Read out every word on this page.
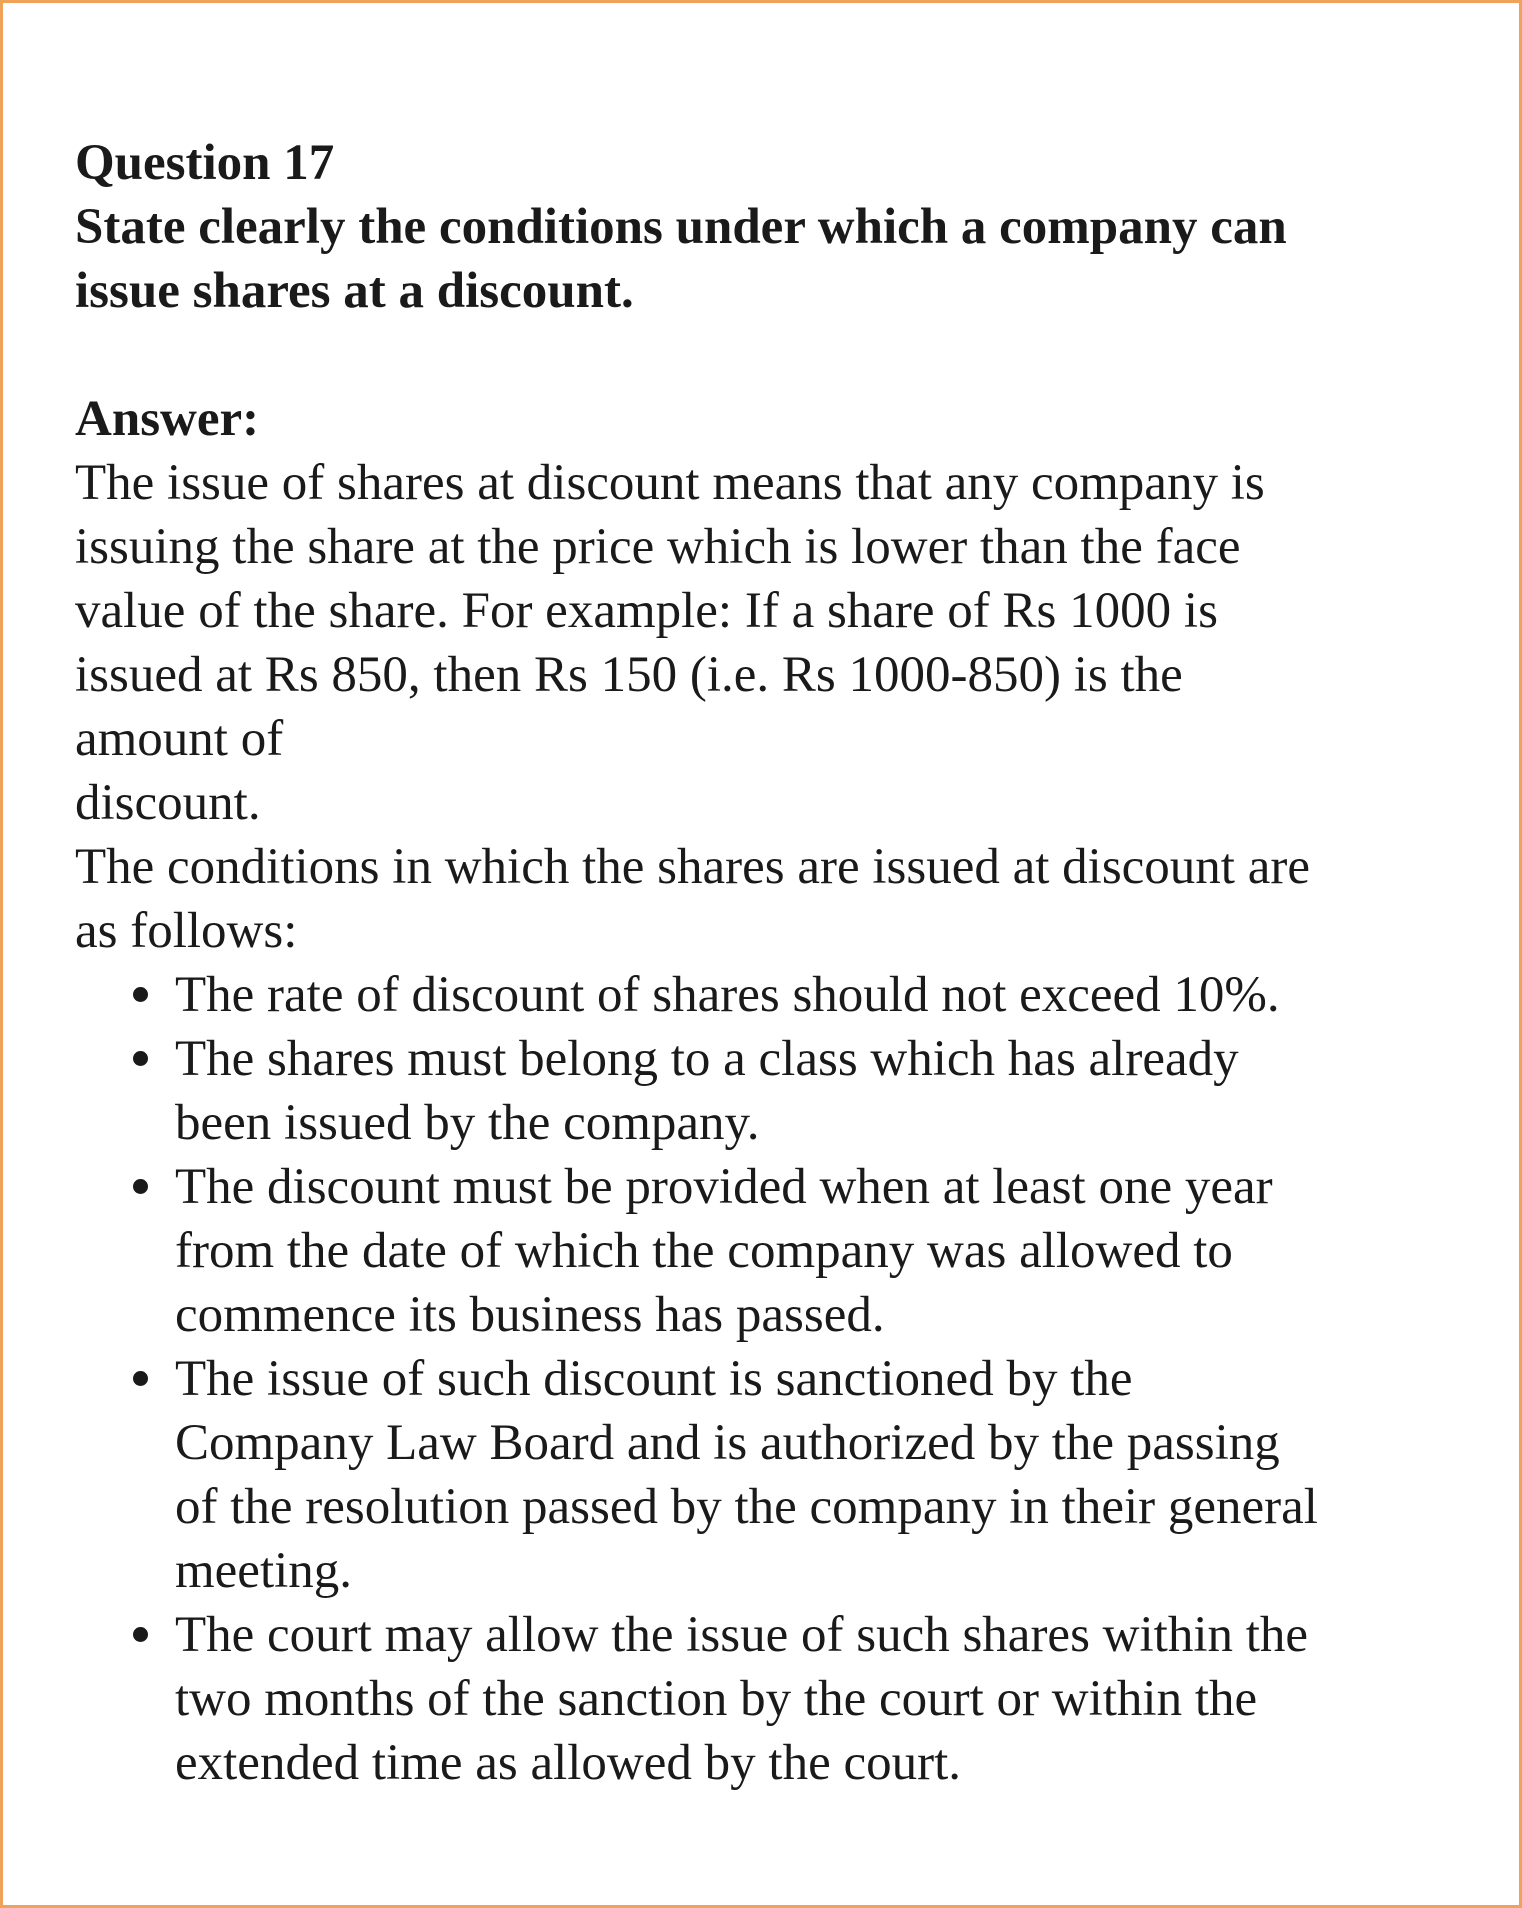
Question 17
State clearly the conditions under which a company can
issue shares at a discount.
Answer:
The issue of shares at discount means that any company is
issuing the share at the price which is lower than the face
value of the share. For example: If a share of Rs 1000 is
issued at Rs 850, then Rs 150 (i.e. Rs 1000-850) is the
amount of
discount.
The conditions in which the shares are issued at discount are
as follows:
The rate of discount of shares should not exceed 10%.
The shares must belong to a class which has already
been issued by the company.
The discount must be provided when at least one year
from the date of which the company was allowed to
commence its business has passed.
The issue of such discount is sanctioned by the
Company Law Board and is authorized by the passing
of the resolution passed by the company in their general
meeting.
The court may allow the issue of such shares within the
two months of the sanction by the court or within the
extended time as allowed by the court.
